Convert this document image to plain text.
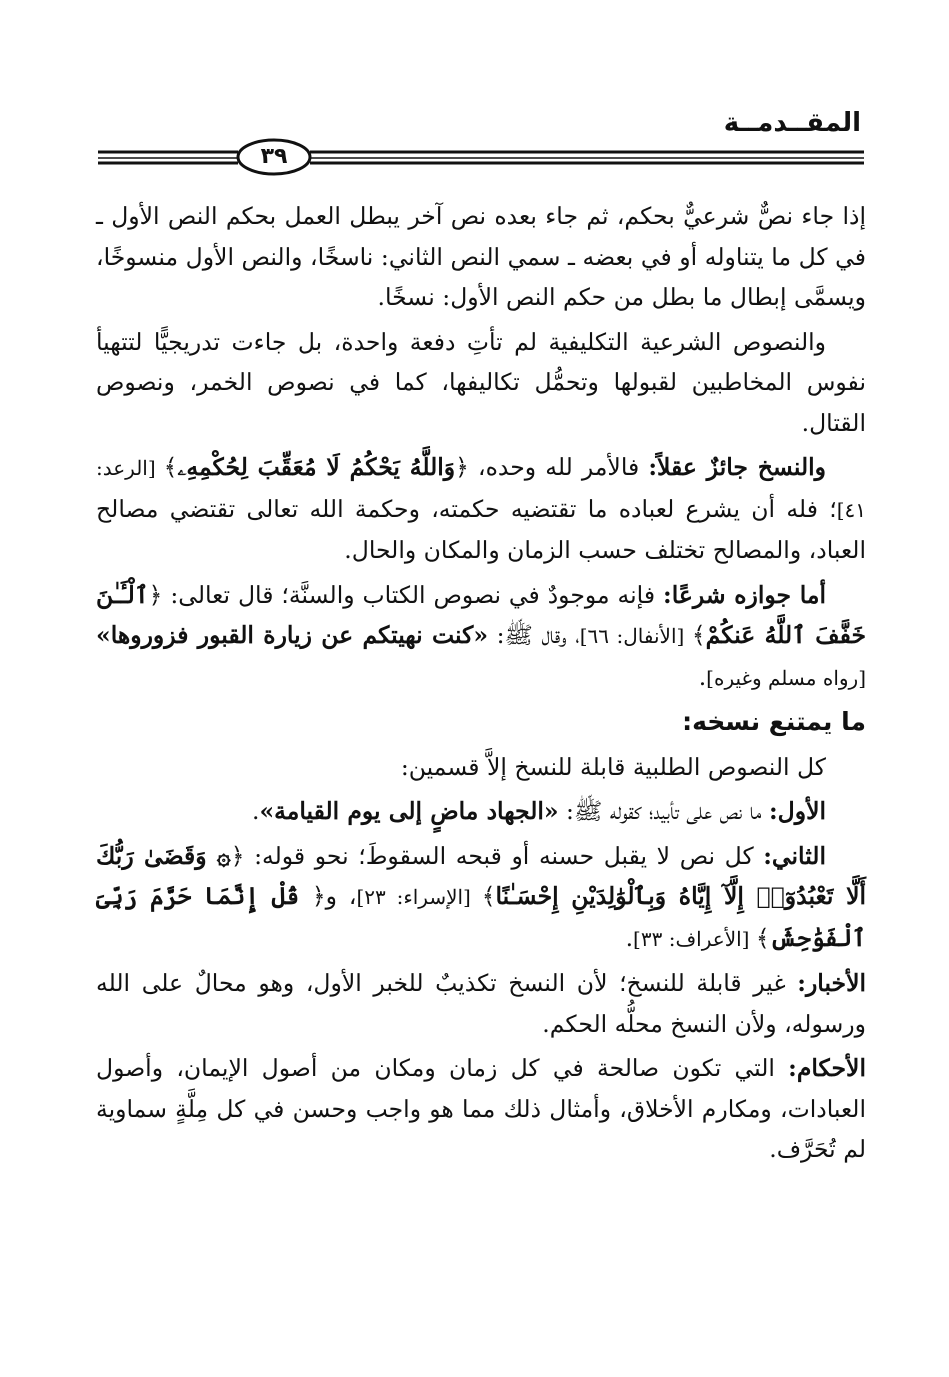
المقــدمــة
٣٩

إذا جاء نصٌّ شرعيٌّ بحكم، ثم جاء بعده نص آخر يبطل العمل بحكم النص الأول ـ في كل ما يتناوله أو في بعضه ـ سمي النص الثاني: ناسخًا، والنص الأول منسوخًا، ويسمَّى إبطال ما بطل من حكم النص الأول: نسخًا.

والنصوص الشرعية التكليفية لم تأتِ دفعة واحدة، بل جاءت تدريجيًّا لتتهيأ نفوس المخاطبين لقبولها وتحمُّل تكاليفها، كما في نصوص الخمر، ونصوص القتال.

والنسخ جائزٌ عقلاً: فالأمر لله وحده، ﴿وَاللَّهُ يَحْكُمُ لَا مُعَقِّبَ لِحُكْمِهِۦ﴾ [الرعد: ٤١]؛ فله أن يشرع لعباده ما تقتضيه حكمته، وحكمة الله تعالى تقتضي مصالح العباد، والمصالح تختلف حسب الزمان والمكان والحال.

أما جوازه شرعًا: فإنه موجودٌ في نصوص الكتاب والسنَّة؛ قال تعالى: ﴿ٱلْـَٔـٰنَ خَفَّفَ ٱللَّهُ عَنكُمْ﴾ [الأنفال: ٦٦]، وقال ﷺ: «كنت نهيتكم عن زيارة القبور فزوروها» [رواه مسلم وغيره].

ما يمتنع نسخه:

كل النصوص الطلبية قابلة للنسخ إلاَّ قسمين:

الأول: ما نص على تأبيد؛ كقوله ﷺ: «الجهاد ماضٍ إلى يوم القيامة».

الثاني: كل نص لا يقبل حسنه أو قبحه السقوطَ؛ نحو قوله: ﴿۞ وَقَضَىٰ رَبُّكَ أَلَّا تَعْبُدُوٓا۟ إِلَّآ إِيَّاهُ وَبِٱلْوَٰلِدَيْنِ إِحْسَـٰنًا﴾ [الإسراء: ٢٣]، و﴿ قُلْ إِنَّمَا حَرَّمَ رَبِّىَ ٱلْفَوَٰحِشَ﴾ [الأعراف: ٣٣].

الأخبار: غير قابلة للنسخ؛ لأن النسخ تكذيبٌ للخبر الأول، وهو محالٌ على الله ورسوله، ولأن النسخ محلُّه الحكم.

الأحكام: التي تكون صالحة في كل زمان ومكان من أصول الإيمان، وأصول العبادات، ومكارم الأخلاق، وأمثال ذلك مما هو واجب وحسن في كل مِلَّةٍ سماوية لم تُحَرَّف.
